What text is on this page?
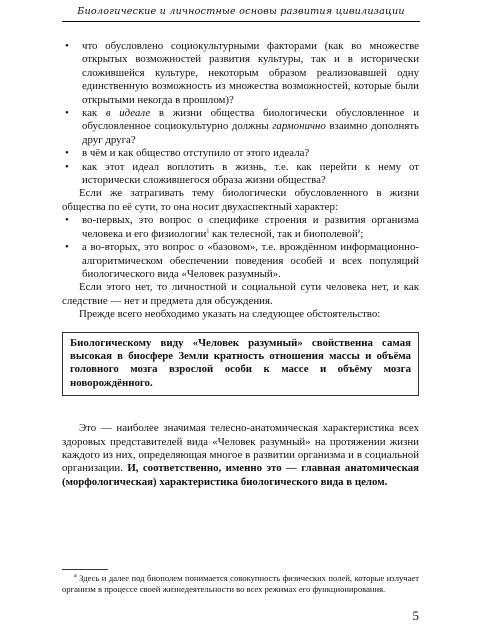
Биологические и личностные основы развития цивилизации
• что обусловлено социокультурными факторами (как во множестве открытых возможностей развития культуры, так и в исторически сложившейся культуре, некоторым образом реализовавшей одну единственную возможность из множества возможностей, которые были открытыми некогда в прошлом)?
• как в идеале в жизни общества биологически обусловленное и обусловленное социокультурно должны гармонично взаимно дополнять друг друга?
• в чём и как общество отступило от этого идеала?
• как этот идеал воплотить в жизнь, т.е. как перейти к нему от исторически сложившегося образа жизни общества?

Если же затрагивать тему биологически обусловленного в жизни общества по её сути, то она носит двухаспектный характер:

• во-первых, это вопрос о специфике строения и развития организма человека и его физиологии$^1$ как телесной, так и биополевой$^a$;
• а во-вторых, это вопрос о «базовом», т.е. врождённом информационно-алгоритмическом обеспечении поведения особей и всех популяций биологического вида «Человек разумный».

Если этого нет, то личностной и социальной сути человека нет, и как следствие — нет и предмета для обсуждения.

Прежде всего необходимо указать на следующее обстоятельство:

Биологическому виду «Человек разумный» свойственна самая высокая в биосфере Земли кратность отношения массы и объёма головного мозга взрослой особи к массе и объёму мозга новорождённого.

Это — наиболее значимая телесно-анатомическая характеристика всех здоровых представителей вида «Человек разумный» на протяжении жизни каждого из них, определяющая многое в развитии организма и в социальной организации. И, соответственно, именно это — главная анатомическая (морфологическая) характеристика биологического вида в целом.

$^a$ Здесь и далее под биополем понимается совокупность физических полей, которые излучает организм в процессе своей жизнедеятельности во всех режимах его функционирования.
5
